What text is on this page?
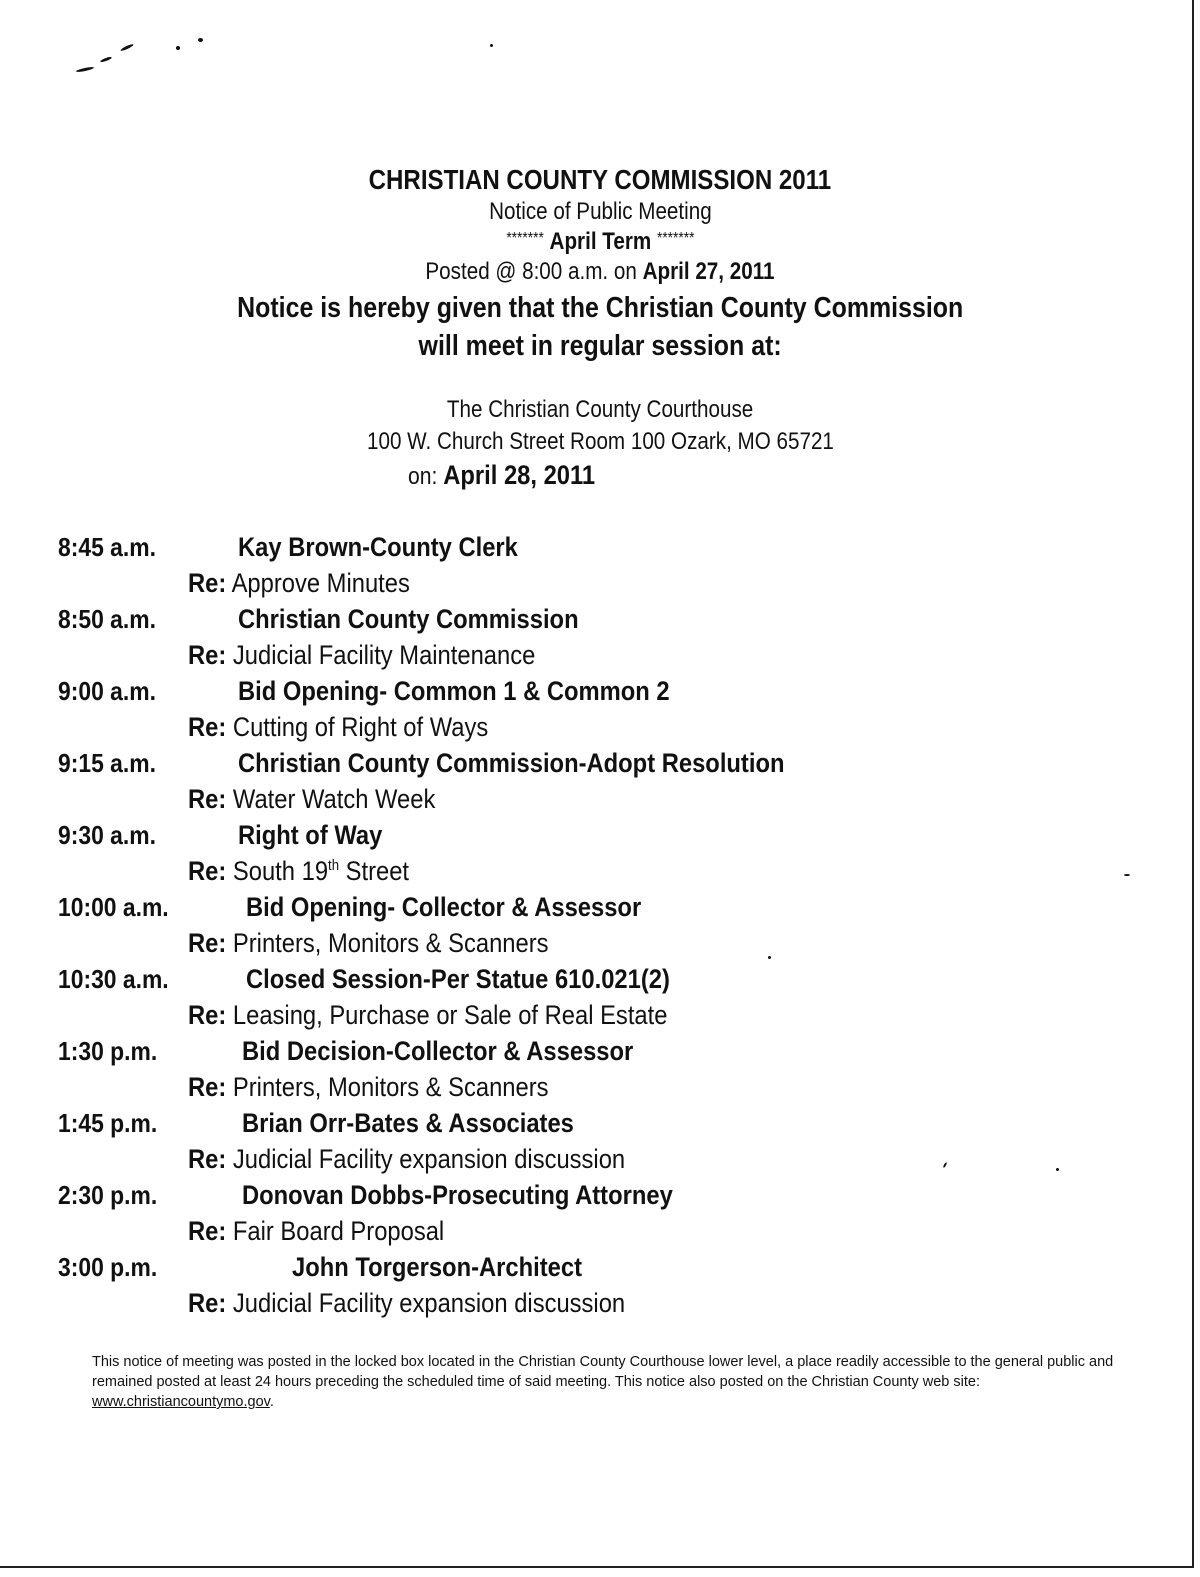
CHRISTIAN COUNTY COMMISSION 2011
Notice of Public Meeting
******* April Term *******
Posted @ 8:00 a.m. on April 27, 2011
Notice is hereby given that the Christian County Commission
will meet in regular session at:
The Christian County Courthouse
100 W. Church Street Room 100 Ozark, MO 65721
on: April 28, 2011
8:45 a.m.	Kay Brown-County Clerk
Re: Approve Minutes
8:50 a.m.	Christian County Commission
Re: Judicial Facility Maintenance
9:00 a.m.	Bid Opening- Common 1 & Common 2
Re: Cutting of Right of Ways
9:15 a.m.	Christian County Commission-Adopt Resolution
Re: Water Watch Week
9:30 a.m.	Right of Way
Re: South 19th Street
10:00 a.m.	Bid Opening- Collector & Assessor
Re: Printers, Monitors & Scanners
10:30 a.m.	Closed Session-Per Statue 610.021(2)
Re: Leasing, Purchase or Sale of Real Estate
1:30 p.m.	Bid Decision-Collector & Assessor
Re: Printers, Monitors & Scanners
1:45 p.m.	Brian Orr-Bates & Associates
Re: Judicial Facility expansion discussion
2:30 p.m.	Donovan Dobbs-Prosecuting Attorney
Re: Fair Board Proposal
3:00 p.m.	John Torgerson-Architect
Re: Judicial Facility expansion discussion
This notice of meeting was posted in the locked box located in the Christian County Courthouse lower level, a place readily accessible to the general public and remained posted at least 24 hours preceding the scheduled time of said meeting. This notice also posted on the Christian County web site:
www.christiancountymo.gov.
